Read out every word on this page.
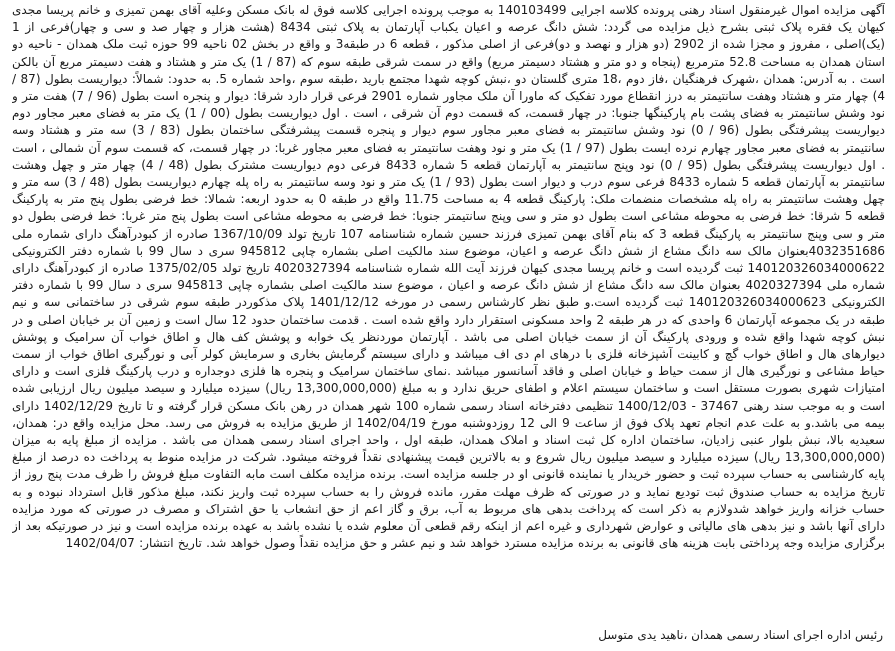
‫آگهی مزایده اموال غیرمنقول اسناد رهنی پرونده کلاسه اجرایی 140103499 به موجب پرونده اجرایی کلاسه فوق له بانک مسکن وعلیه آقای بهمن تمیزی و خانم پریسا مجدی کیهان یک فقره پلاک ثبتی بشرح ذیل مزایده می گردد: شش دانگ عرصه و اعیان یکباب آپارتمان به پلاک ثبتی 8434 (هشت هزار و چهار صد و سی و چهار)فرعی از 1 (یک)اصلی ، مفروز و مجزا شده از 2902 (دو هزار و نهصد و دو)فرعی از اصلی مذکور ، قطعه 6 در طبقه3 و واقع در بخش 02 ناحیه 99 حوزه ثبت ملک همدان - ناحیه دو استان همدان به مساحت 52.8 مترمربع (پنجاه و دو متر و هشتاد دسیمتر مربع) واقع در سمت شرقی طبقه سوم که (87 / 1) یک متر و هشتاد و هفت دسیمتر مربع آن بالکن است . به آدرس: همدان ،شهرک فرهنگیان ،فاز دوم ،18 متری گلستان دو ،نبش کوچه شهدا مجتمع بارید ،طبقه سوم ،واحد شماره 5. به حدود: شمالاً: دیواریست بطول (87 / 4) چهار متر و هشتاد وهفت سانتیمتر به درز انقطاع مورد تفکیک که ماورا آن ملک مجاور شماره 2901 فرعی قرار دارد شرقا: دیوار و پنجره است بطول (96 / 7) هفت متر و نود وشش سانتیمتر به فضای پشت بام پارکینگها جنوبا: در چهار قسمت، که قسمت دوم آن شرقی ، است . اول دیواریست بطول (00 / 1) یک متر به فضای معبر مجاور دوم دیواریست پیشرفتگی بطول (96 / 0) نود وشش سانتیمتر به فضای معبر مجاور سوم دیوار و پنجره قسمت پیشرفتگی ساختمان بطول (83 / 3) سه متر و هشتاد وسه سانتیمتر به فضای معبر مجاور چهارم نرده ایست بطول (97 / 1) یک متر و نود وهفت سانتیمتر به فضای معبر مجاور غربا: در چهار قسمت، که قسمت سوم آن شمالی ، است . اول دیواریست پیشرفتگی بطول (95 / 0) نود وپنج سانتیمتر به آپارتمان قطعه 5 شماره 8433 فرعی دوم دیواریست مشترک بطول (48 / 4) چهار متر و چهل وهشت سانتیمتر به آپارتمان قطعه 5 شماره 8433 فرعی سوم درب و دیوار است بطول (93 / 1) یک متر و نود وسه سانتیمتر به راه پله چهارم دیواریست بطول (48 / 3) سه متر و چهل وهشت سانتیمتر به راه پله مشخصات منضمات ملک: پارکینگ قطعه 4 به مساحت 11.75 واقع در طبقه 0 به حدود اربعه: شمالا: خط فرضی بطول پنج متر به پارکینگ قطعه 5 شرقا: خط فرضی به محوطه مشاعی است بطول دو متر و سی وپنج سانتیمتر جنوبا: خط فرضی به محوطه مشاعی است بطول پنج متر غربا: خط فرضی بطول دو متر و سی وپنج سانتیمتر به پارکینگ قطعه 3 که بنام آقای بهمن تمیزی فرزند حسین شماره شناسنامه 107 تاریخ تولد 1367/10/09 صادره از کبودرآهنگ دارای شماره ملی 4032351686بعنوان مالک سه دانگ مشاع از شش دانگ عرصه و اعیان، موضوع سند مالکیت اصلی بشماره چاپی 945812 سری د سال 99 با شماره دفتر الکترونیکی 140120326034000622 ثبت گردیده است و خانم پریسا مجدی کیهان فرزند آیت الله شماره شناسنامه 4020327394 تاریخ تولد 1375/02/05 صادره از کبودرآهنگ دارای شماره ملی 4020327394 بعنوان مالک سه دانگ مشاع از شش دانگ عرصه و اعیان ، موضوع سند مالکیت اصلی بشماره چاپی 945813 سری د سال 99 با شماره دفتر الکترونیکی 140120326034000623 ثبت گردیده است.و طبق نظر کارشناس رسمی در مورخه 1401/12/12 پلاک مذکوردر طبقه سوم شرقی در ساختمانی سه و نیم طبقه در یک مجموعه آپارتمان 6 واحدی که در هر طبقه 2 واحد مسکونی استقرار دارد واقع شده است . قدمت ساختمان حدود 12 سال است و زمین آن بر خیابان اصلی و در نبش کوچه شهدا واقع شده و ورودی پارکینگ آن از سمت خیابان اصلی می باشد . آپارتمان موردنظر یک خوابه و پوشش کف هال و اطاق خواب آن سرامیک و پوشش دیوارهای هال و اطاق خواب گچ و کابینت آشپزخانه فلزی با درهای ام دی اف میباشد و دارای سیستم گرمایش بخاری و سرمایش کولر آبی و نورگیری اطاق خواب از سمت حیاط مشاعی و نورگیری هال از سمت حیاط و خیابان اصلی و فاقد آسانسور میباشد .نمای ساختمان سرامیک و پنجره ها فلزی دوجداره و درب پارکینگ فلزی است و دارای امتیازات شهری بصورت مستقل است و ساختمان سیستم اعلام و اطفای حریق ندارد و به مبلغ (13,300,000,000 ریال) سیزده میلیارد و سیصد میلیون ریال ارزیابی شده است و به موجب سند رهنی 37467 - 1400/12/03 تنظیمی دفترخانه اسناد رسمی شماره 100 شهر همدان در رهن بانک مسکن قرار گرفته و تا تاریخ 1402/12/29 دارای بیمه می باشد.و به علت عدم انجام تعهد پلاک فوق از ساعت 9 الی 12 روزدوشنبه مورخ 1402/04/19 از طریق مزایده به فروش می رسد. محل مزایده واقع در: همدان، سعیدیه بالا، نبش بلوار عنبی زادیان، ساختمان اداره کل ثبت اسناد و املاک همدان، طبقه اول ، واحد اجرای اسناد رسمی همدان می باشد . مزایده از مبلغ پایه به میزان (13,300,000,000 ریال) سیزده میلیارد و سیصد میلیون ریال شروع و به بالاترین قیمت پیشنهادی نقداً فروخته میشود. شرکت در مزایده منوط به پرداخت ده درصد از مبلغ پایه کارشناسی به حساب سپرده ثبت و حضور خریدار یا نماینده قانونی او در جلسه مزایده است. برنده مزایده مکلف است مابه التفاوت مبلغ فروش را ظرف مدت پنج روز از تاریخ مزایده به حساب صندوق ثبت تودیع نماید و در صورتی که ظرف مهلت مقرر، مانده فروش را به حساب سپرده ثبت واریز نکند، مبلغ مذکور قابل استرداد نبوده و به حساب خزانه واریز خواهد شدولازم به ذکر است که پرداخت بدهی های مربوط به آب، برق و گاز اعم از حق انشعاب یا حق اشتراک و مصرف در صورتی که مورد مزایده دارای آنها باشد و نیز بدهی های مالیاتی و عوارض شهرداری و غیره اعم از اینکه رقم قطعی آن معلوم شده یا نشده باشد به عهده برنده مزایده است و نیز در صورتیکه بعد از برگزاری مزایده وجه پرداختی بابت هزینه های قانونی به برنده مزایده مسترد خواهد شد و نیم عشر و حق مزایده نقداً وصول خواهد شد. تاریخ انتشار: 1402/04/07

‫رئیس اداره اجرای اسناد رسمی همدان ،ناهید یدی متوسل
